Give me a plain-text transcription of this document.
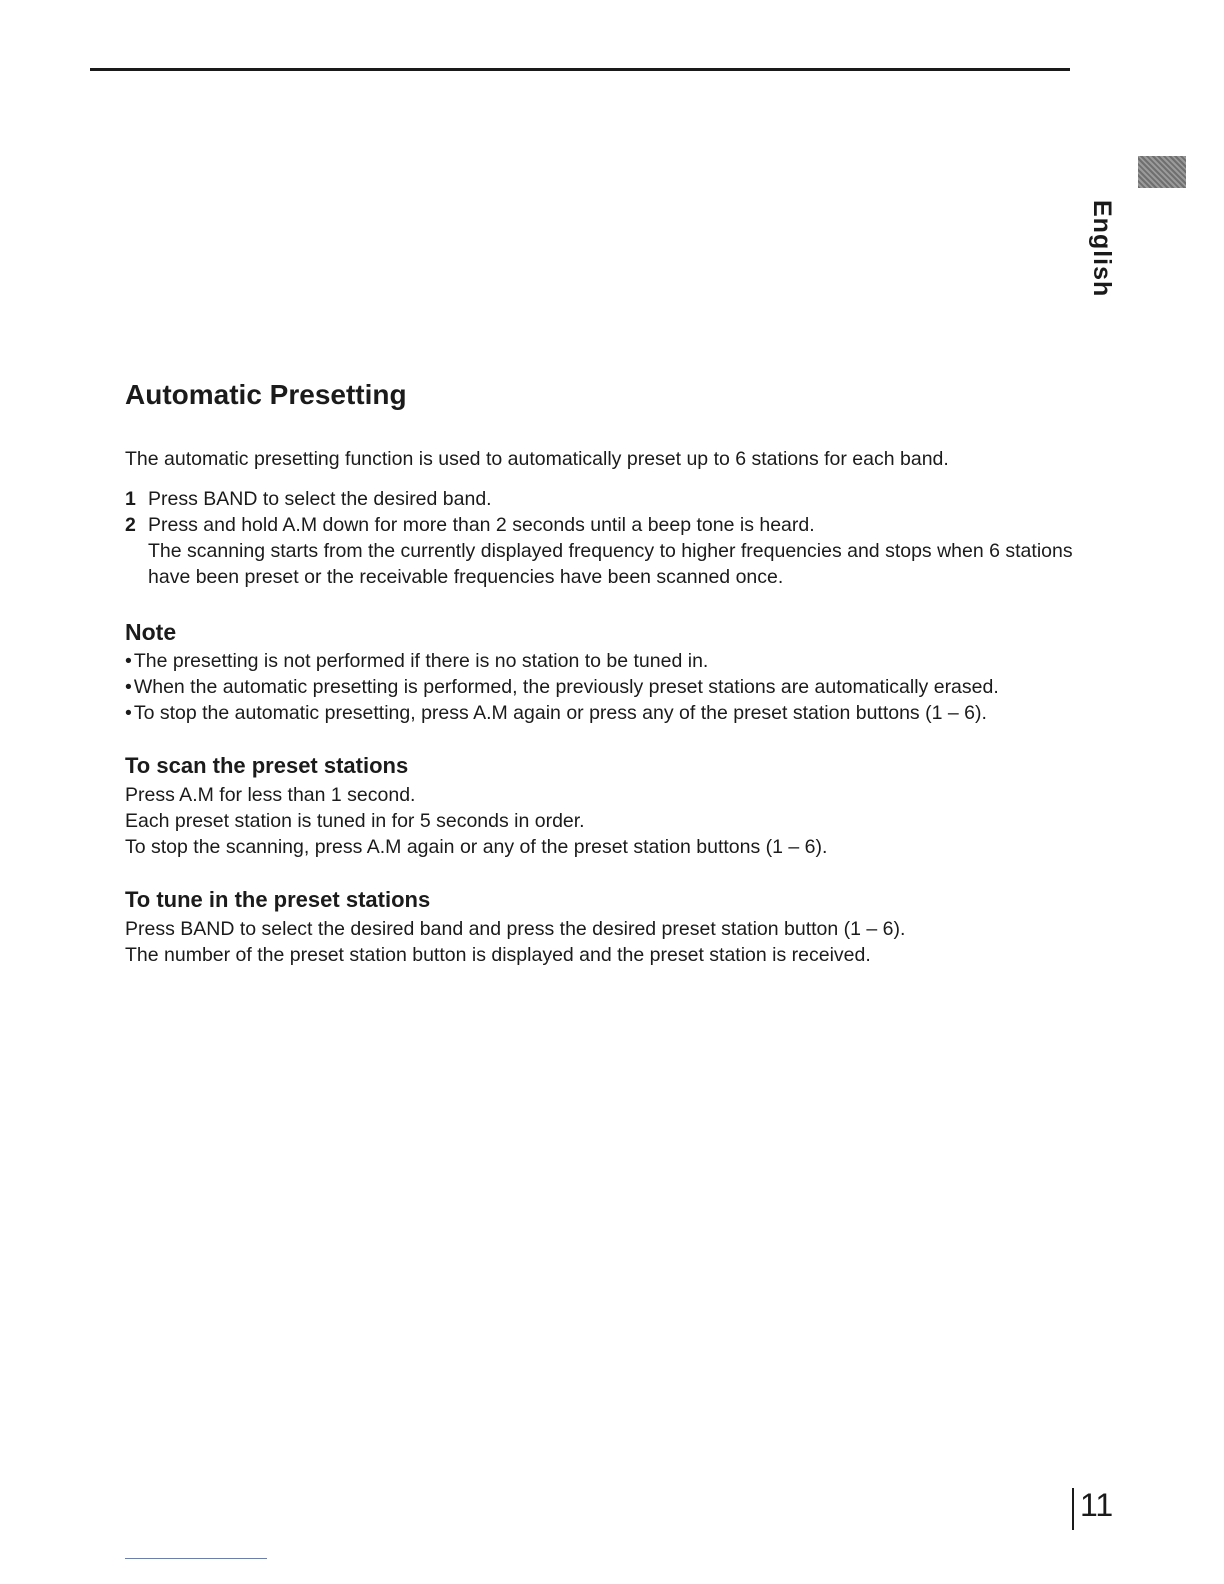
English
Automatic Presetting

The automatic presetting function is used to automatically preset up to 6 stations for each band.

1 Press BAND to select the desired band.
2 Press and hold A.M down for more than 2 seconds until a beep tone is heard.
The scanning starts from the currently displayed frequency to higher frequencies and stops when 6 stations have been preset or the receivable frequencies have been scanned once.
Note
• The presetting is not performed if there is no station to be tuned in.
• When the automatic presetting is performed, the previously preset stations are automatically erased.
• To stop the automatic presetting, press A.M again or press any of the preset station buttons (1 – 6).
To scan the preset stations

Press A.M for less than 1 second.

Each preset station is tuned in for 5 seconds in order.

To stop the scanning, press A.M again or any of the preset station buttons (1 – 6).

To tune in the preset stations

Press BAND to select the desired band and press the desired preset station button (1 – 6).

The number of the preset station button is displayed and the preset station is received.

11
